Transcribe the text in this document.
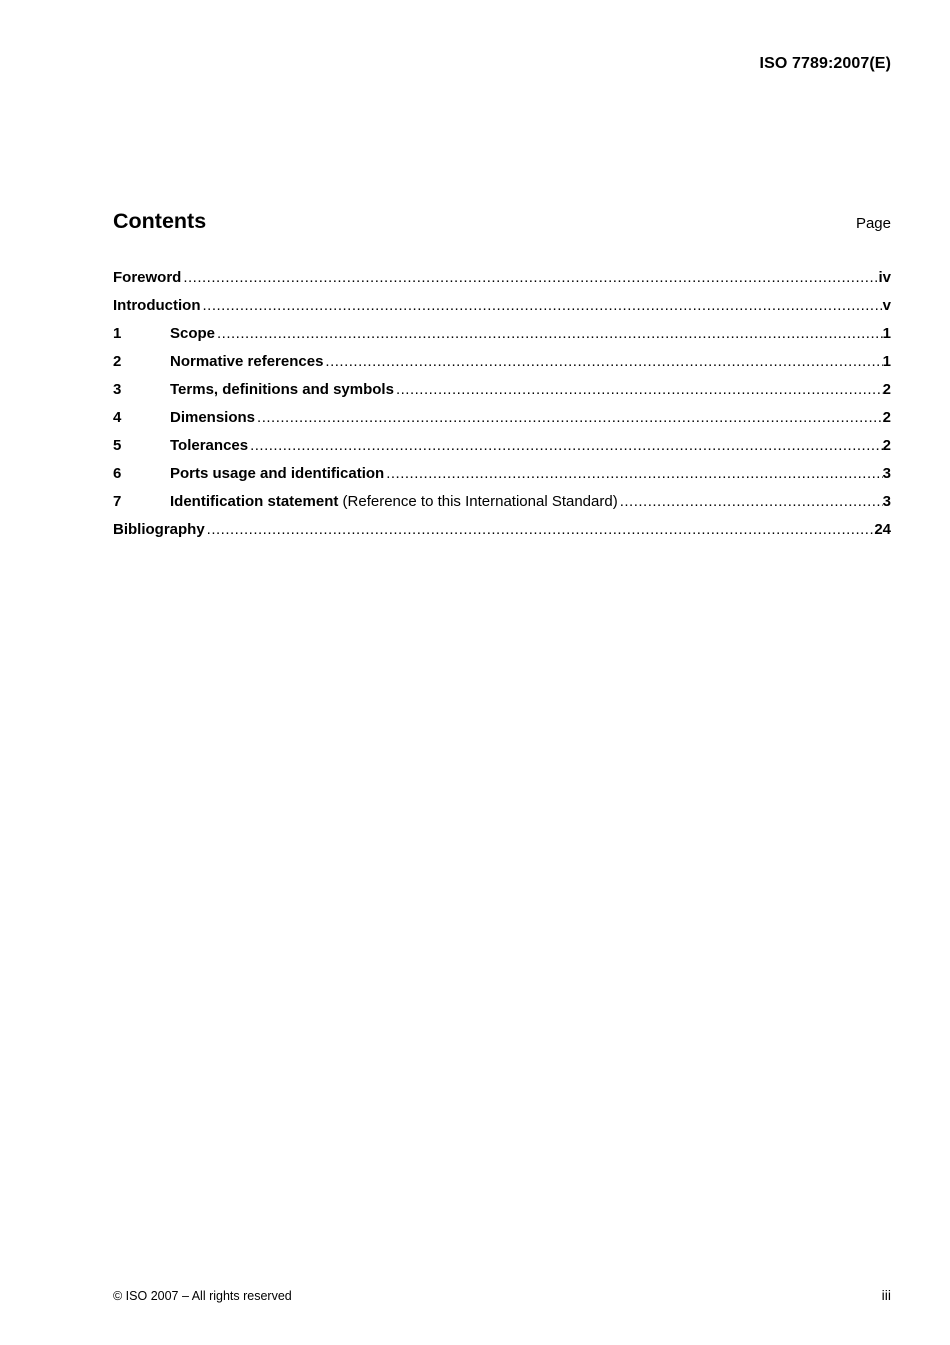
ISO 7789:2007(E)
Contents	Page
Foreword .....	iv
Introduction .....	v
1	Scope .....	1
2	Normative references .....	1
3	Terms, definitions and symbols .....	2
4	Dimensions .....	2
5	Tolerances .....	2
6	Ports usage and identification .....	3
7	Identification statement (Reference to this International Standard) .....	3
Bibliography .....	24
© ISO 2007 – All rights reserved	iii
